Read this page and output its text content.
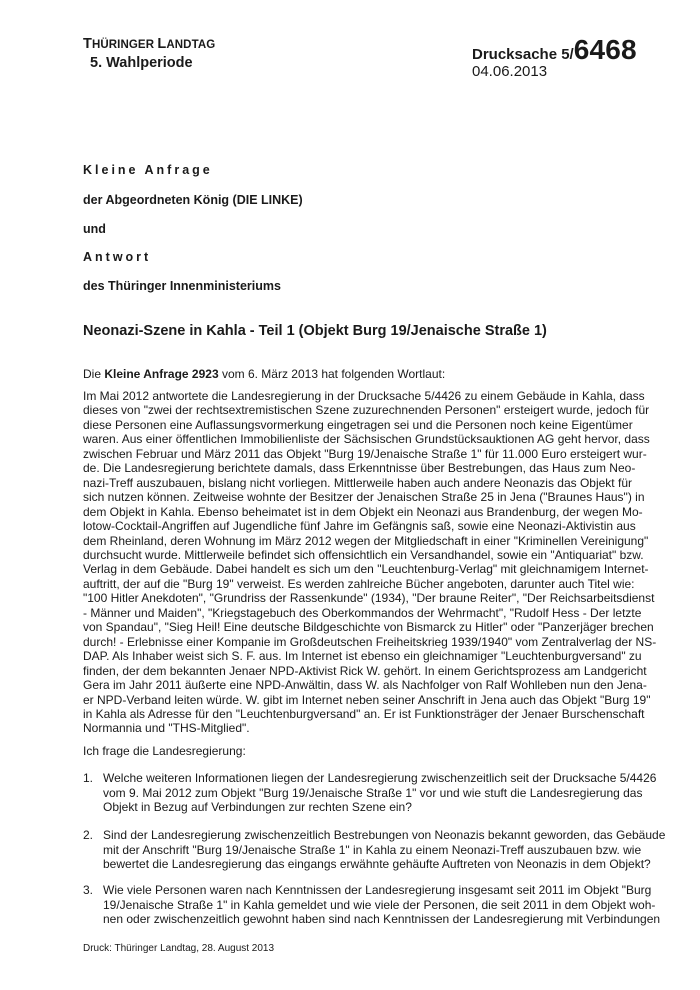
THÜRINGER LANDTAG
5. Wahlperiode	Drucksache 5/6468
04.06.2013
Kleine Anfrage
der Abgeordneten König (DIE LINKE)
und
Antwort
des Thüringer Innenministeriums
Neonazi-Szene in Kahla - Teil 1 (Objekt Burg 19/Jenaische Straße 1)
Die Kleine Anfrage 2923 vom 6. März 2013 hat folgenden Wortlaut:
Im Mai 2012 antwortete die Landesregierung in der Drucksache 5/4426 zu einem Gebäude in Kahla, dass
dieses von "zwei der rechtsextremistischen Szene zuzurechnenden Personen" ersteigert wurde, jedoch für
diese Personen eine Auflassungsvormerkung eingetragen sei und die Personen noch keine Eigentümer
waren. Aus einer öffentlichen Immobilienliste der Sächsischen Grundstücksauktionen AG geht hervor, dass
zwischen Februar und März 2011 das Objekt "Burg 19/Jenaische Straße 1" für 11.000 Euro ersteigert wur-
de. Die Landesregierung berichtete damals, dass Erkenntnisse über Bestrebungen, das Haus zum Neo-
nazi-Treff auszubauen, bislang nicht vorliegen. Mittlerweile haben auch andere Neonazis das Objekt für
sich nutzen können. Zeitweise wohnte der Besitzer der Jenaischen Straße 25 in Jena ("Braunes Haus") in
dem Objekt in Kahla. Ebenso beheimatet ist in dem Objekt ein Neonazi aus Brandenburg, der wegen Mo-
lotow-Cocktail-Angriffen auf Jugendliche fünf Jahre im Gefängnis saß, sowie eine Neonazi-Aktivistin aus
dem Rheinland, deren Wohnung im März 2012 wegen der Mitgliedschaft in einer "Kriminellen Vereinigung"
durchsucht wurde. Mittlerweile befindet sich offensichtlich ein Versandhandel, sowie ein "Antiquariat" bzw.
Verlag in dem Gebäude. Dabei handelt es sich um den "Leuchtenburg-Verlag" mit gleichnamigem Internet-
auftritt, der auf die "Burg 19" verweist. Es werden zahlreiche Bücher angeboten, darunter auch Titel wie:
"100 Hitler Anekdoten", "Grundriss der Rassenkunde" (1934), "Der braune Reiter", "Der Reichsarbeitsdienst
- Männer und Maiden", "Kriegstagebuch des Oberkommandos der Wehrmacht", "Rudolf Hess - Der letzte
von Spandau", "Sieg Heil! Eine deutsche Bildgeschichte von Bismarck zu Hitler" oder "Panzerjäger brechen
durch! - Erlebnisse einer Kompanie im Großdeutschen Freiheitskrieg 1939/1940" vom Zentralverlag der NS-
DAP. Als Inhaber weist sich S. F. aus. Im Internet ist ebenso ein gleichnamiger "Leuchtenburgversand" zu
finden, der dem bekannten Jenaer NPD-Aktivist Rick W. gehört. In einem Gerichtsprozess am Landgericht
Gera im Jahr 2011 äußerte eine NPD-Anwältin, dass W. als Nachfolger von Ralf Wohlleben nun den Jena-
er NPD-Verband leiten würde. W. gibt im Internet neben seiner Anschrift in Jena auch das Objekt "Burg 19"
in Kahla als Adresse für den "Leuchtenburgversand" an. Er ist Funktionsträger der Jenaer Burschenschaft
Normannia und "THS-Mitglied".
Ich frage die Landesregierung:
1. Welche weiteren Informationen liegen der Landesregierung zwischenzeitlich seit der Drucksache 5/4426
vom 9. Mai 2012 zum Objekt "Burg 19/Jenaische Straße 1" vor und wie stuft die Landesregierung das
Objekt in Bezug auf Verbindungen zur rechten Szene ein?
2. Sind der Landesregierung zwischenzeitlich Bestrebungen von Neonazis bekannt geworden, das Gebäude
mit der Anschrift "Burg 19/Jenaische Straße 1" in Kahla zu einem Neonazi-Treff auszubauen bzw. wie
bewertet die Landesregierung das eingangs erwähnte gehäufte Auftreten von Neonazis in dem Objekt?
3. Wie viele Personen waren nach Kenntnissen der Landesregierung insgesamt seit 2011 im Objekt "Burg
19/Jenaische Straße 1" in Kahla gemeldet und wie viele der Personen, die seit 2011 in dem Objekt woh-
nen oder zwischenzeitlich gewohnt haben sind nach Kenntnissen der Landesregierung mit Verbindungen
Druck: Thüringer Landtag, 28. August 2013
